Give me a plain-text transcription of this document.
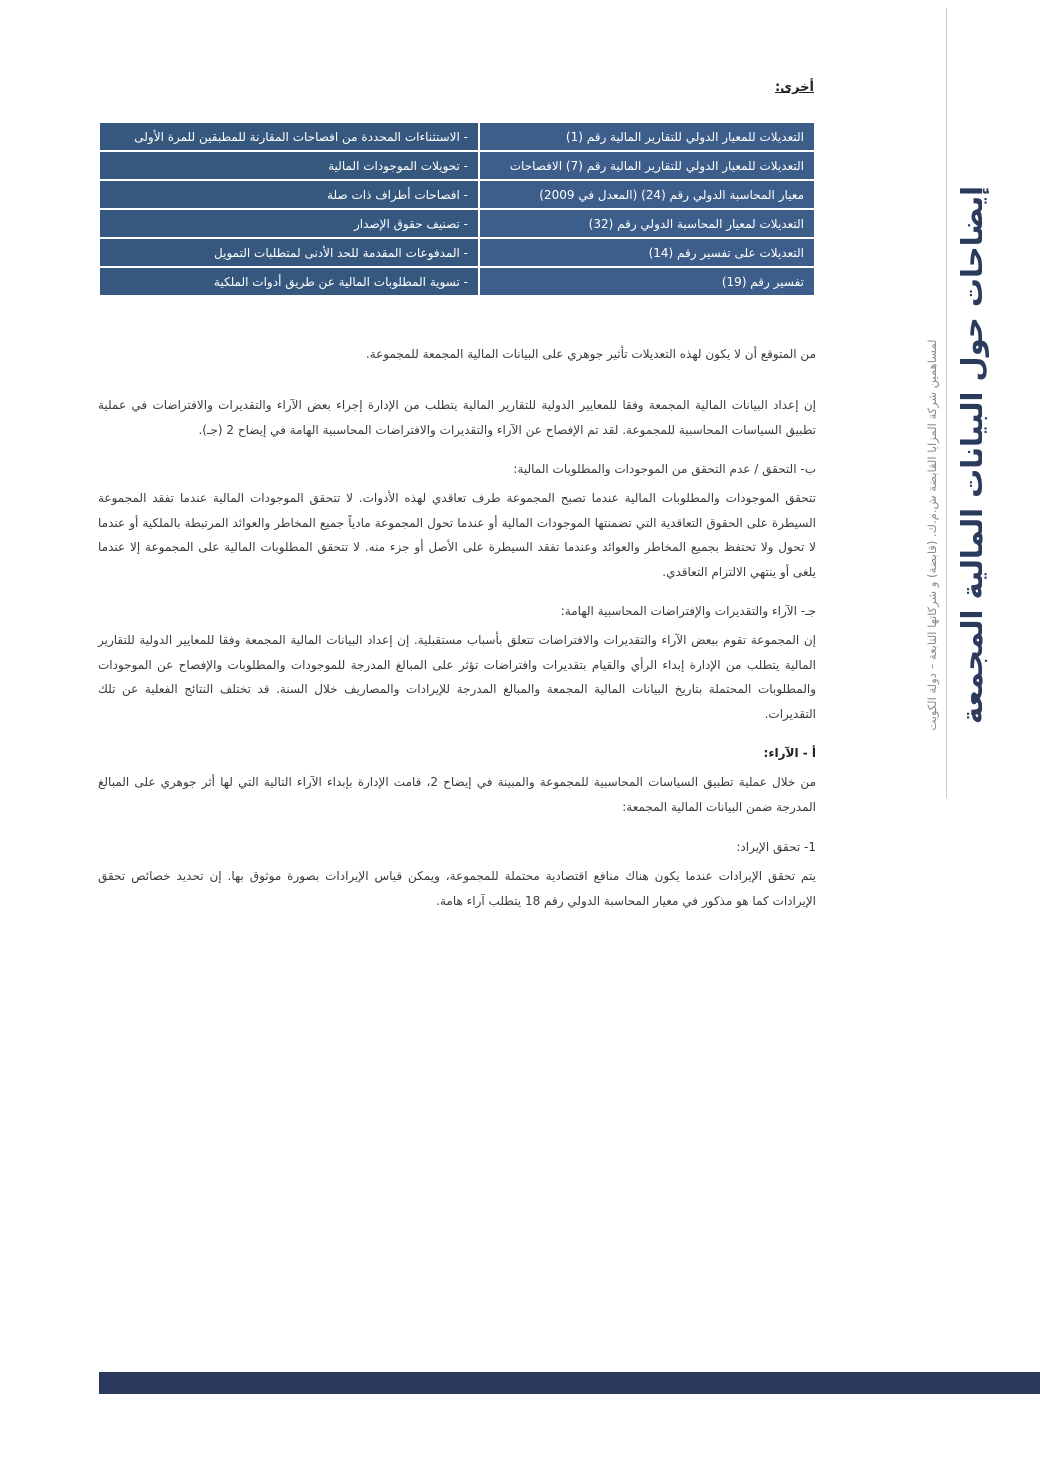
إيضاحات حول البيانات المالية المجمعة
لمساهمين شركة المزايا القابضة ش.م.ك. (قابضة) و شركاتها التابعة – دولة الكويت
أخرى:
التعديلات للمعيار الدولي للتقارير المالية رقم (1)	- الاستثناءات المحددة من افصاحات المقارنة للمطبقين للمرة الأولى
التعديلات للمعيار الدولي للتقارير المالية رقم (7) الافصاحات	- تحويلات الموجودات المالية
معيار المحاسبة الدولي رقم (24) (المعدل في 2009)	- افصاحات أطراف ذات صلة
التعديلات لمعيار المحاسبة الدولي رقم (32)	- تصنيف حقوق الإصدار
التعديلات على تفسير رقم (14)	- المدفوعات المقدمة للحد الأدنى لمتطلبات التمويل
تفسير رقم (19)	- تسوية المطلوبات المالية عن طريق أدوات الملكية

من المتوقع أن لا يكون لهذه التعديلات تأثير جوهري على البيانات المالية المجمعة للمجموعة.

إن إعداد البيانات المالية المجمعة وفقا للمعايير الدولية للتقارير المالية يتطلب من الإدارة إجراء بعض الآراء والتقديرات والافتراضات في عملية تطبيق السياسات المحاسبية للمجموعة. لقد تم الإفصاح عن الآراء والتقديرات والافتراضات المحاسبية الهامة في إيضاح 2 (جـ).

ب- التحقق / عدم التحقق من الموجودات والمطلوبات المالية:

تتحقق الموجودات والمطلوبات المالية عندما تصبح المجموعة طرف تعاقدي لهذه الأدوات. لا تتحقق الموجودات المالية عندما تفقد المجموعة السيطرة على الحقوق التعاقدية التي تضمنتها الموجودات المالية أو عندما تحول المجموعة مادياً جميع المخاطر والعوائد المرتبطة بالملكية أو عندما لا تحول ولا تحتفظ بجميع المخاطر والعوائد وعندما تفقد السيطرة على الأصل أو جزء منه. لا تتحقق المطلوبات المالية على المجموعة إلا عندما يلغى أو ينتهي الالتزام التعاقدي.

جـ- الآراء والتقديرات والإفتراضات المحاسبية الهامة:

إن المجموعة تقوم ببعض الآراء والتقديرات والافتراضات تتعلق بأسباب مستقبلية. إن إعداد البيانات المالية المجمعة وفقا للمعايير الدولية للتقارير المالية يتطلب من الإدارة إبداء الرأي والقيام بتقديرات وافتراضات تؤثر على المبالغ المدرجة للموجودات والمطلوبات والإفصاح عن الموجودات والمطلوبات المحتملة بتاريخ البيانات المالية المجمعة والمبالغ المدرجة للإيرادات والمصاريف خلال السنة. قد تختلف النتائج الفعلية عن تلك التقديرات.

أ - الآراء:

من خلال عملية تطبيق السياسات المحاسبية للمجموعة والمبينة في إيضاح 2، قامت الإدارة بإبداء الآراء التالية التي لها أثر جوهري على المبالغ المدرجة ضمن البيانات المالية المجمعة:

1- تحقق الإيراد:

يتم تحقق الإيرادات عندما يكون هناك منافع اقتصادية محتملة للمجموعة، ويمكن قياس الإيرادات بصورة موثوق بها. إن تحديد خصائص تحقق الإيرادات كما هو مذكور في معيار المحاسبة الدولي رقم 18 يتطلب آراء هامة.
